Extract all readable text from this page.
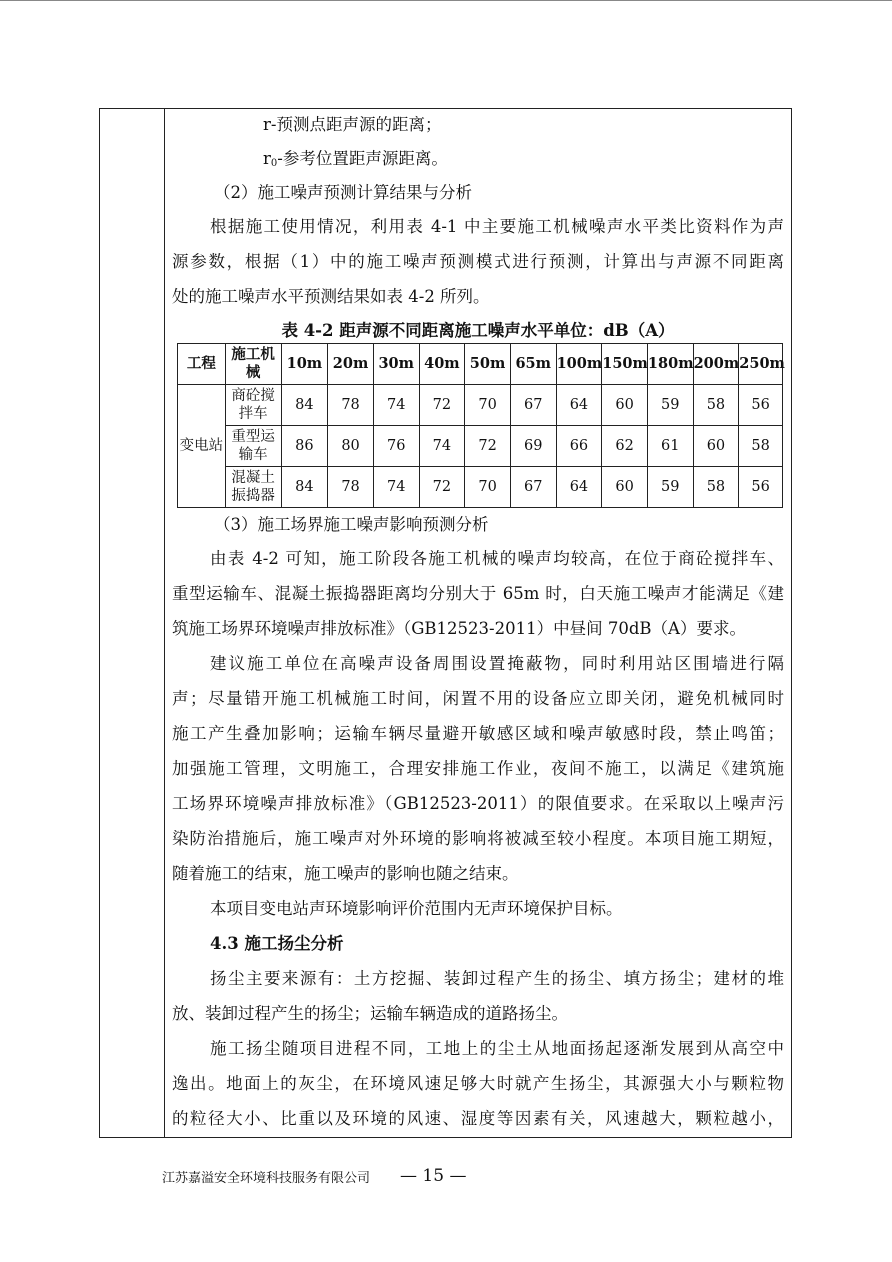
r-预测点距声源的距离；
$r_0-$参考位置距声源距离。
（2）施工噪声预测计算结果与分析
根据施工使用情况，利用表 4-1 中主要施工机械噪声水平类比资料作为声
源参数，根据（1）中的施工噪声预测模式进行预测，计算出与声源不同距离
处的施工噪声水平预测结果如表 4-2 所列。
表 4-2 距声源不同距离施工噪声水平单位：dB（A）
工程	施工机械	10m	20m	30m	40m	50m	65m	100m	150m	180m	200m	250m
变电站	商砼搅拌车	84	78	74	72	70	67	64	60	59	58	56
	重型运输车	86	80	76	74	72	69	66	62	61	60	58
	混凝土振捣器	84	78	74	72	70	67	64	60	59	58	56
（3）施工场界施工噪声影响预测分析
由表 4-2 可知，施工阶段各施工机械的噪声均较高，在位于商砼搅拌车、
重型运输车、混凝土振捣器距离均分别大于 65m 时，白天施工噪声才能满足《建
筑施工场界环境噪声排放标准》（GB12523-2011）中昼间 70dB（A）要求。
建议施工单位在高噪声设备周围设置掩蔽物，同时利用站区围墙进行隔
声；尽量错开施工机械施工时间，闲置不用的设备应立即关闭，避免机械同时
施工产生叠加影响；运输车辆尽量避开敏感区域和噪声敏感时段，禁止鸣笛；
加强施工管理，文明施工，合理安排施工作业，夜间不施工，以满足《建筑施
工场界环境噪声排放标准》（GB12523-2011）的限值要求。在采取以上噪声污
染防治措施后，施工噪声对外环境的影响将被减至较小程度。本项目施工期短，
随着施工的结束，施工噪声的影响也随之结束。
本项目变电站声环境影响评价范围内无声环境保护目标。
4.3 施工扬尘分析
扬尘主要来源有：土方挖掘、装卸过程产生的扬尘、填方扬尘；建材的堆
放、装卸过程产生的扬尘；运输车辆造成的道路扬尘。
施工扬尘随项目进程不同，工地上的尘土从地面扬起逐渐发展到从高空中
逸出。地面上的灰尘，在环境风速足够大时就产生扬尘，其源强大小与颗粒物
的粒径大小、比重以及环境的风速、湿度等因素有关，风速越大，颗粒越小，
江苏嘉溢安全环境科技服务有限公司 — 15 —
